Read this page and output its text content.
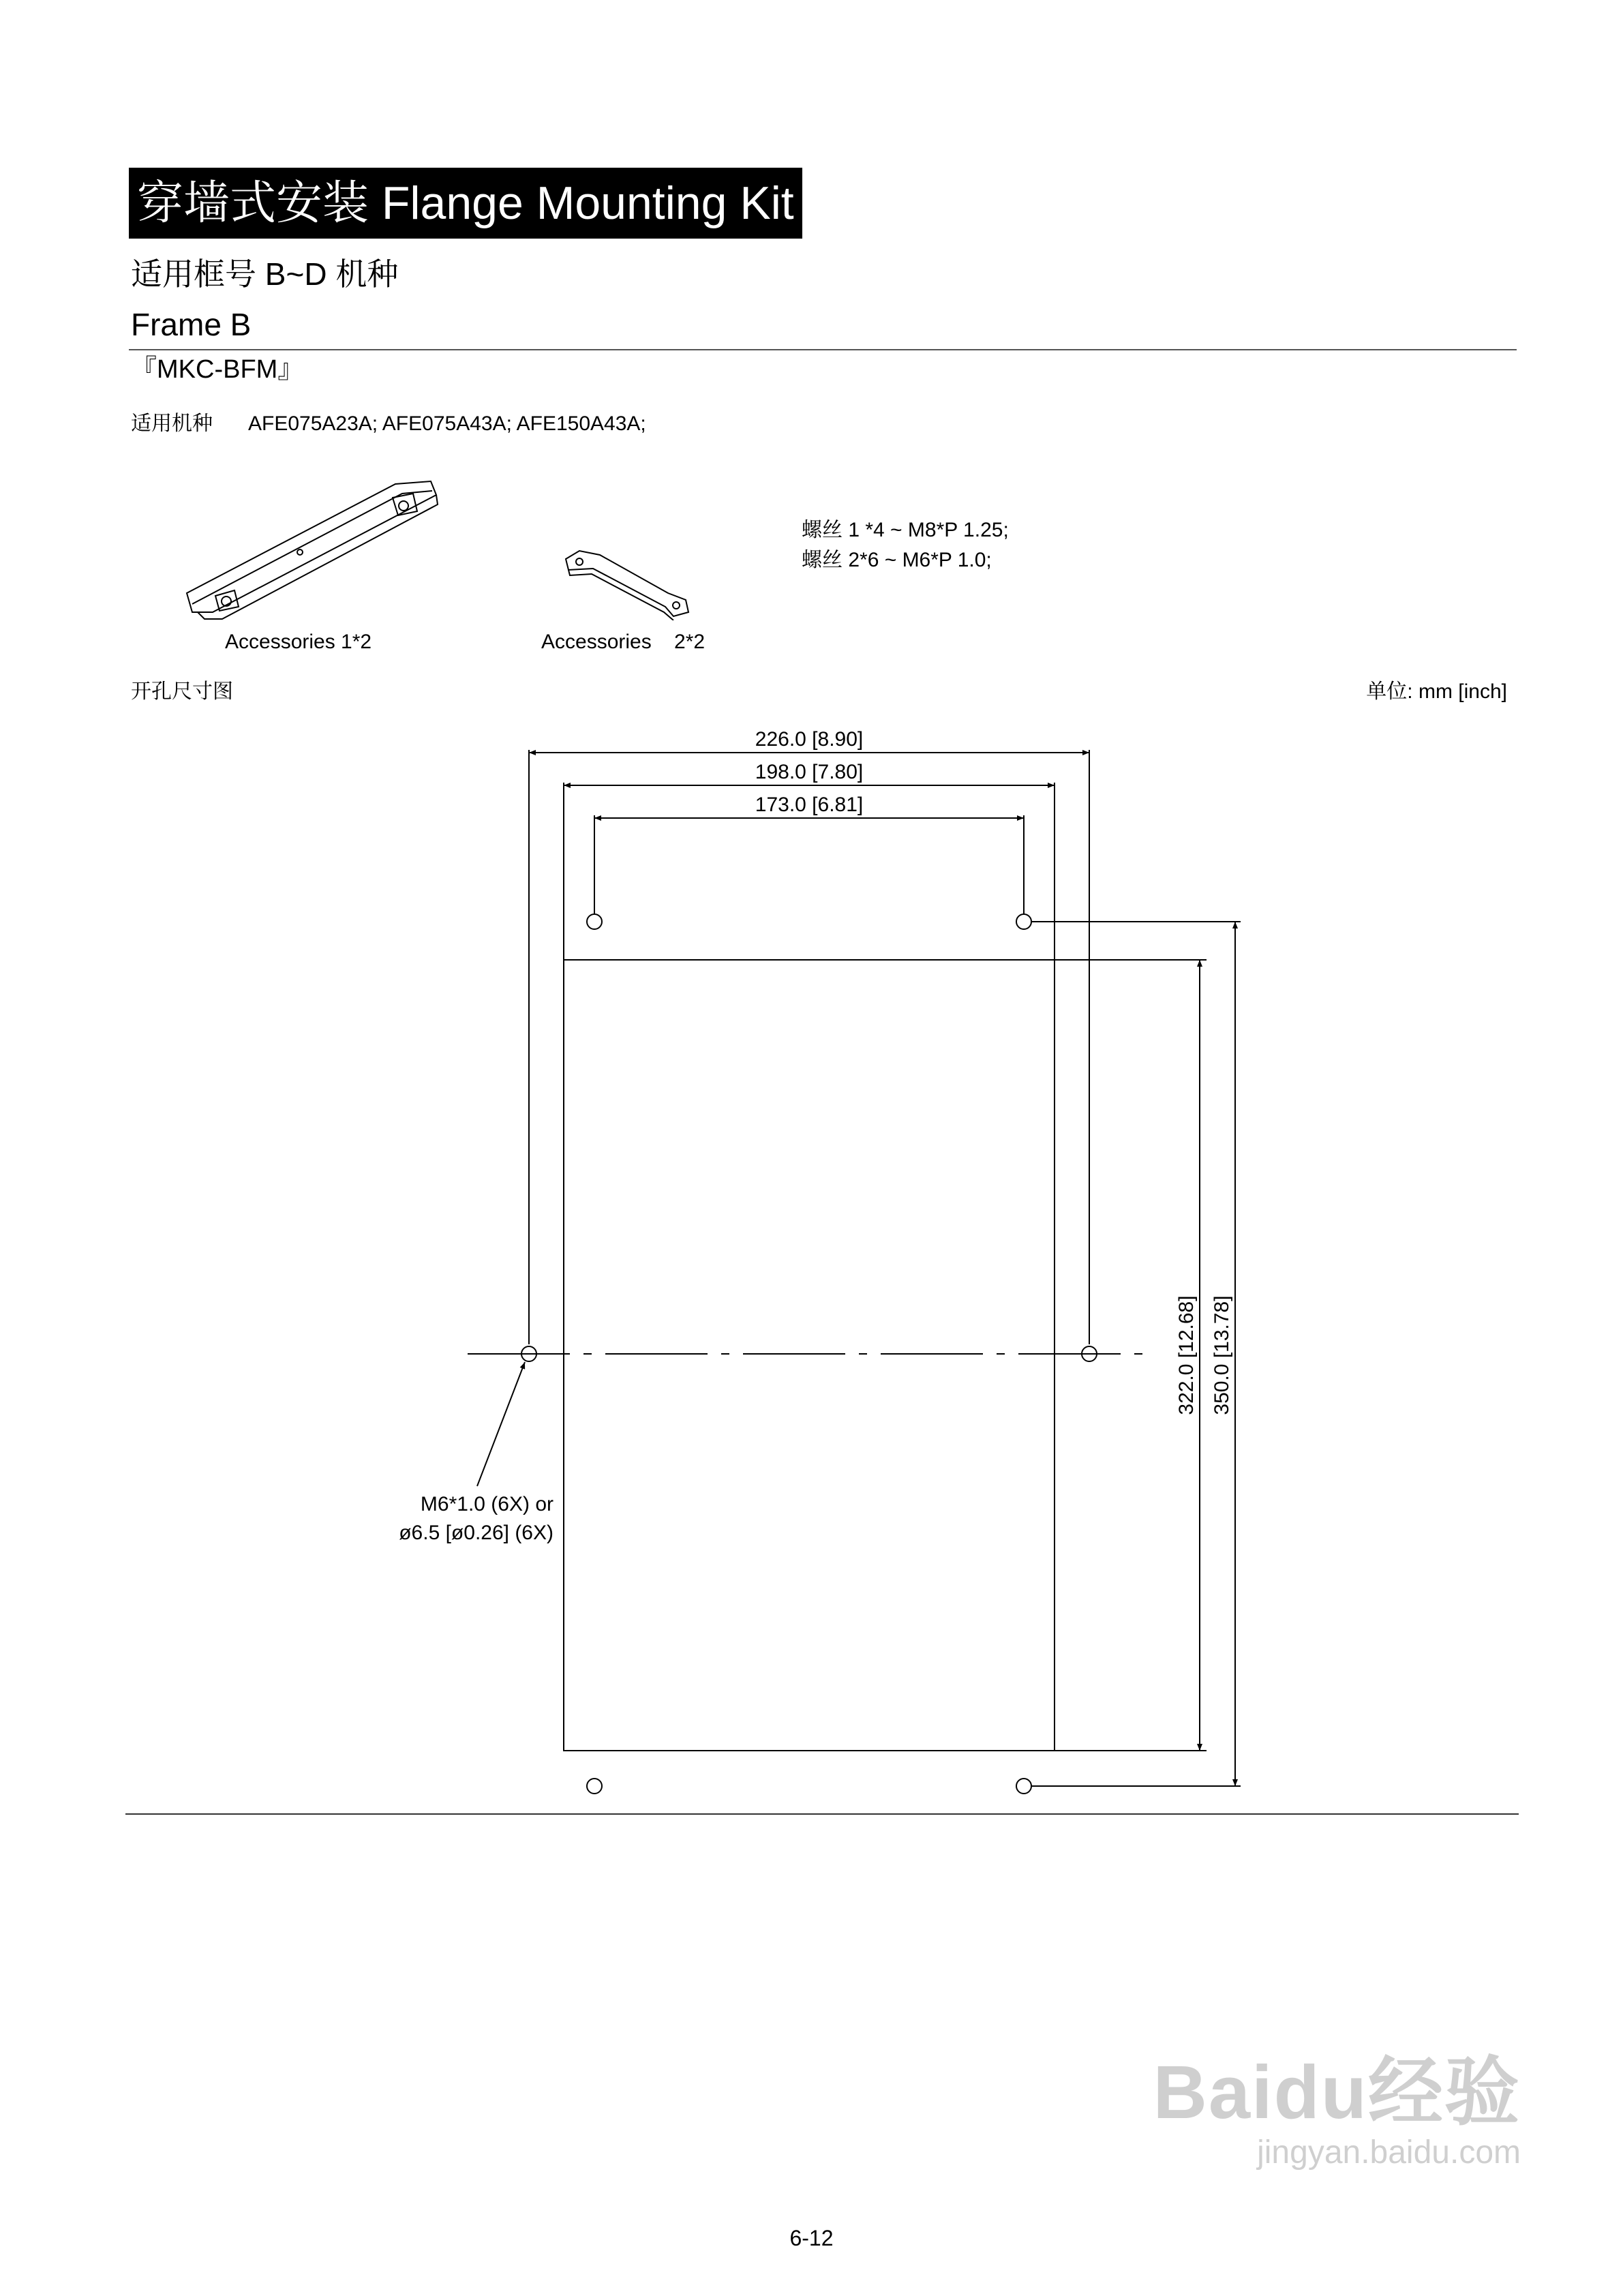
穿墙式安装 Flange Mounting Kit
适用框号 B~D 机种
Frame B
『MKC-BFM』
适用机种 AFE075A23A; AFE075A43A; AFE150A43A;
Accessories 1*2	Accessories    2*2
螺丝 1 *4 ~ M8*P 1.25;
螺丝 2*6 ~ M6*P 1.0;
开孔尺寸图	单位: mm [inch]
226.0 [8.90]
198.0 [7.80]
173.0 [6.81]
322.0 [12.68] 350.0 [13.78]
M6*1.0 (6X) or
ø6.5 [ø0.26] (6X)
Baidu经验
jingyan.baidu.com
6-12
